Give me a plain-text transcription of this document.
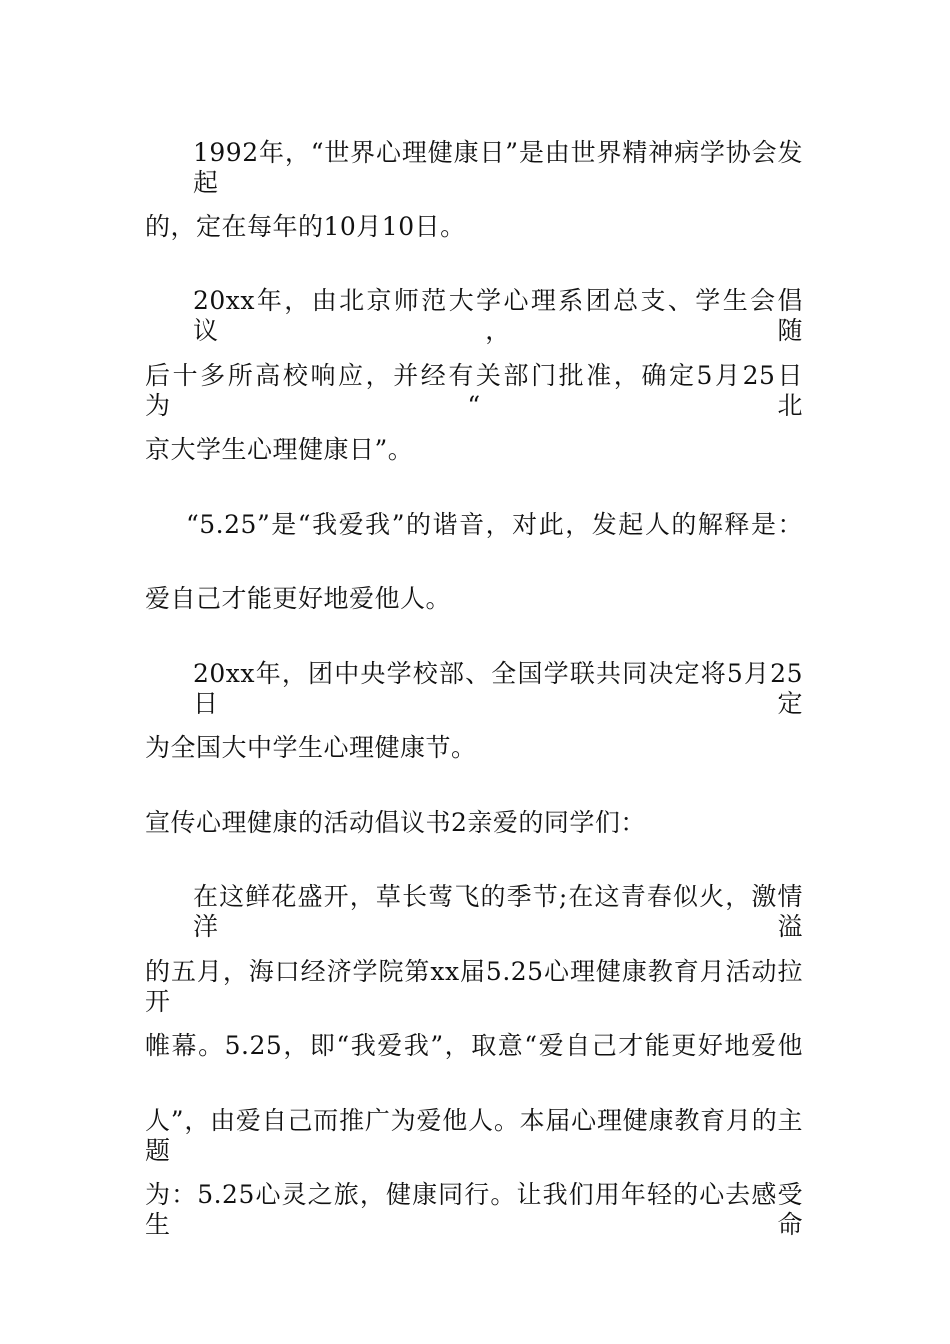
1992年，“世界心理健康日”是由世界精神病学协会发起
的，定在每年的10月10日。
20xx年，由北京师范大学心理系团总支、学生会倡议，随
后十多所高校响应，并经有关部门批准，确定5月25日为“北
京大学生心理健康日”。
“5.25”是“我爱我”的谐音，对此，发起人的解释是：
爱自己才能更好地爱他人。
20xx年，团中央学校部、全国学联共同决定将5月25日定
为全国大中学生心理健康节。
宣传心理健康的活动倡议书2亲爱的同学们：
在这鲜花盛开，草长莺飞的季节;在这青春似火，激情洋溢
的五月，海口经济学院第xx届5.25心理健康教育月活动拉开
帷幕。5.25，即“我爱我”，取意“爱自己才能更好地爱他
人”，由爱自己而推广为爱他人。本届心理健康教育月的主题
为：5.25心灵之旅，健康同行。让我们用年轻的心去感受生命
